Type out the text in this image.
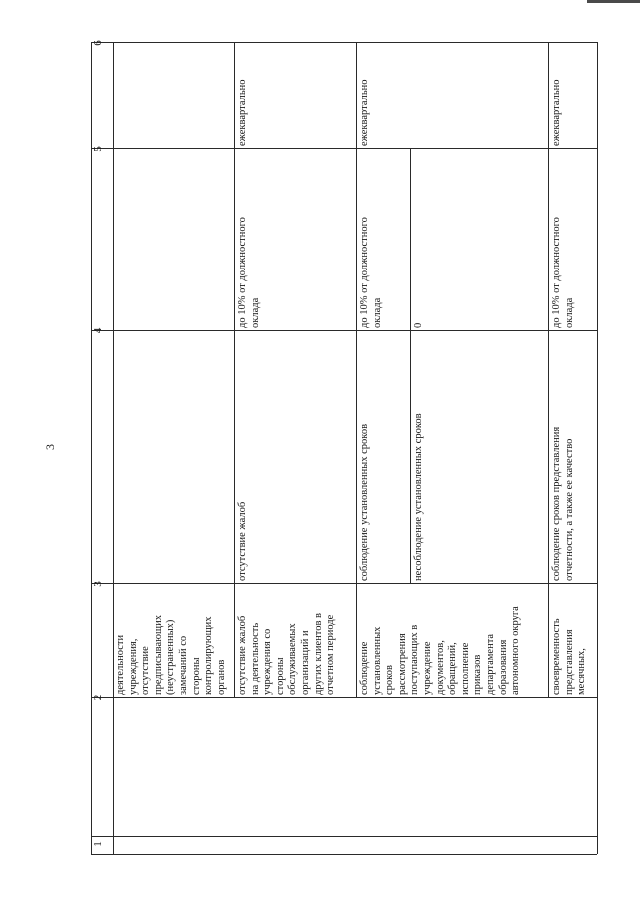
3
1
2
3
4
5
6
деятельности
учреждения,
отсутствие
предписывающих
(неустраненных)
замечаний со
стороны
контролирующих
органов отсутствие жалоб
на деятельность
учреждения со
стороны
обслуживаемых
организаций и
других клиентов в
отчетном периоде
отсутствие жалоб
до 10% от должностного
оклада
ежеквартально
соблюдение
установленных
сроков
рассмотрения
поступающих в
учреждение
документов,
обращений,
исполнение
приказов
департамента
образования
автономного округа
соблюдение установленных сроков
до 10% от должностного
оклада
несоблюдение установленных сроков
0
ежеквартально
своевременность
представления
месячных,
соблюдение сроков представления
отчетности, а также ее качество
до 10% от должностного
оклада
ежеквартально
